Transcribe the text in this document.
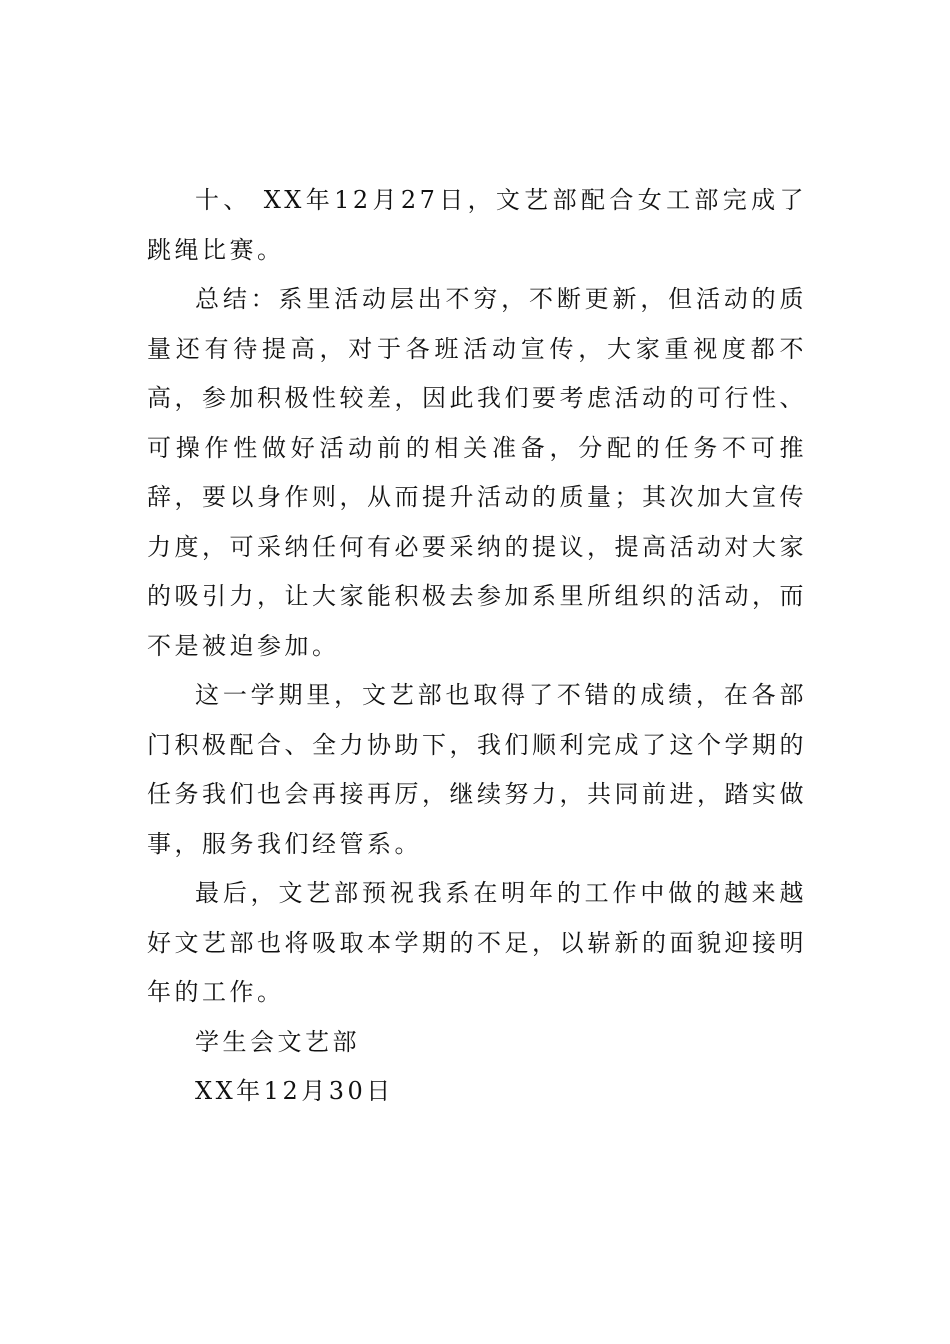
十、 XX年12月27日，文艺部配合女工部完成了跳绳比赛。

总结：系里活动层出不穷，不断更新，但活动的质量还有待提高，对于各班活动宣传，大家重视度都不高，参加积极性较差，因此我们要考虑活动的可行性、可操作性做好活动前的相关准备，分配的任务不可推辞，要以身作则，从而提升活动的质量；其次加大宣传力度，可采纳任何有必要采纳的提议，提高活动对大家的吸引力，让大家能积极去参加系里所组织的活动，而不是被迫参加。

这一学期里，文艺部也取得了不错的成绩，在各部门积极配合、全力协助下，我们顺利完成了这个学期的任务我们也会再接再厉，继续努力，共同前进，踏实做事，服务我们经管系。

最后，文艺部预祝我系在明年的工作中做的越来越好文艺部也将吸取本学期的不足，以崭新的面貌迎接明年的工作。

学生会文艺部

XX年12月30日
